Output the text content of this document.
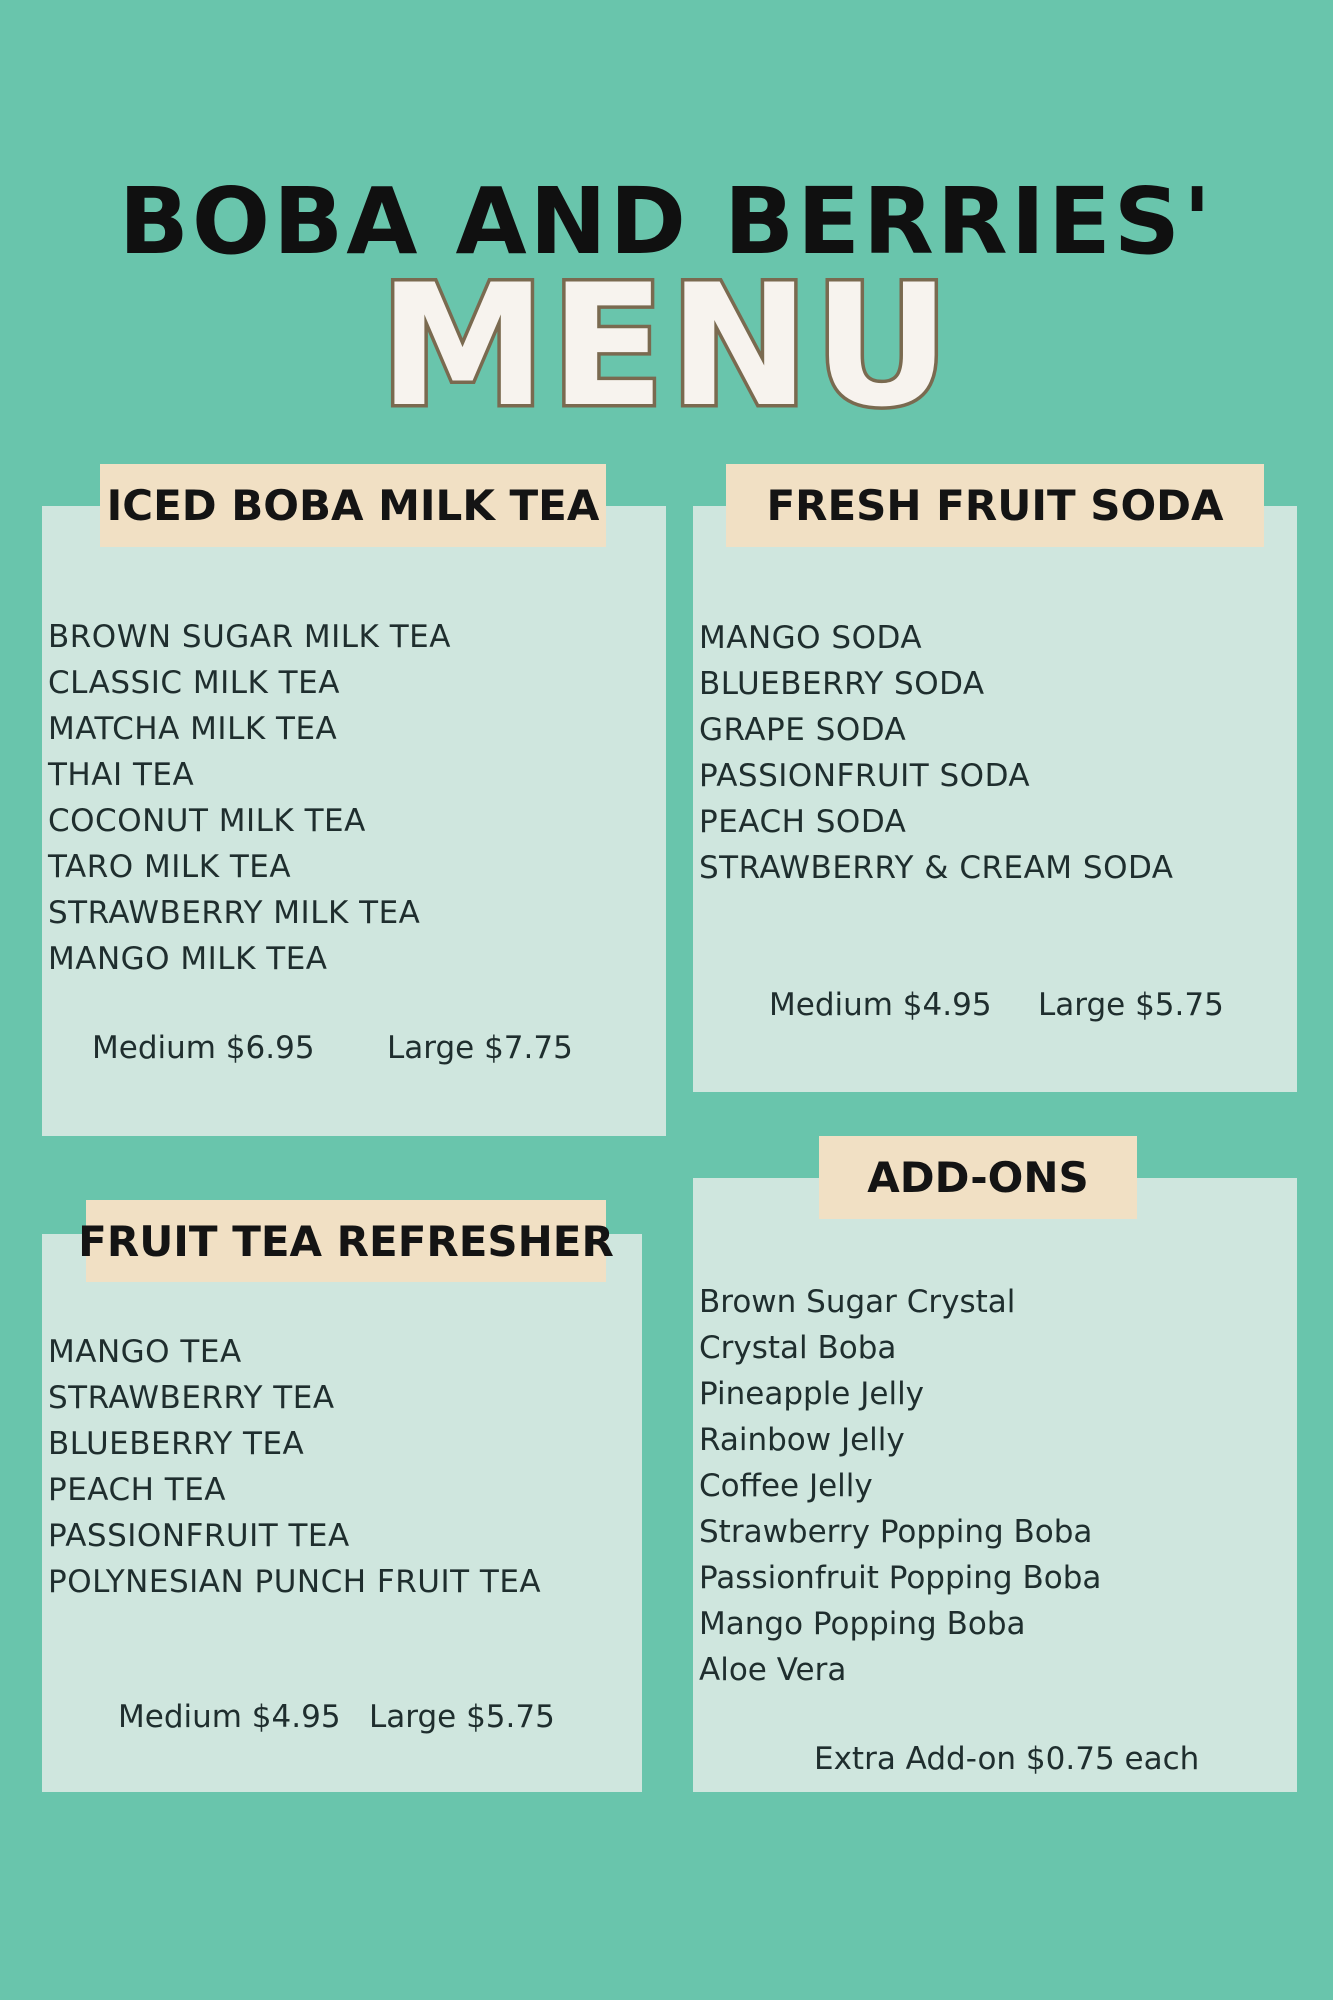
BOBA AND BERRIES'
MENU
ICED BOBA MILK TEA
BROWN SUGAR MILK TEA
CLASSIC MILK TEA
MATCHA MILK TEA
THAI TEA
COCONUT MILK TEA
TARO MILK TEA
STRAWBERRY MILK TEA
MANGO MILK TEA
Medium $6.95 Large $7.75
FRESH FRUIT SODA
MANGO SODA
BLUEBERRY SODA
GRAPE SODA
PASSIONFRUIT SODA
PEACH SODA
STRAWBERRY & CREAM SODA
Medium $4.95 Large $5.75
FRUIT TEA REFRESHER
MANGO TEA
STRAWBERRY TEA
BLUEBERRY TEA
PEACH TEA
PASSIONFRUIT TEA
POLYNESIAN PUNCH FRUIT TEA
Medium $4.95 Large $5.75
ADD-ONS
Brown Sugar Crystal
Crystal Boba
Pineapple Jelly
Rainbow Jelly
Coffee Jelly
Strawberry Popping Boba
Passionfruit Popping Boba
Mango Popping Boba
Aloe Vera
Extra Add-on $0.75 each
